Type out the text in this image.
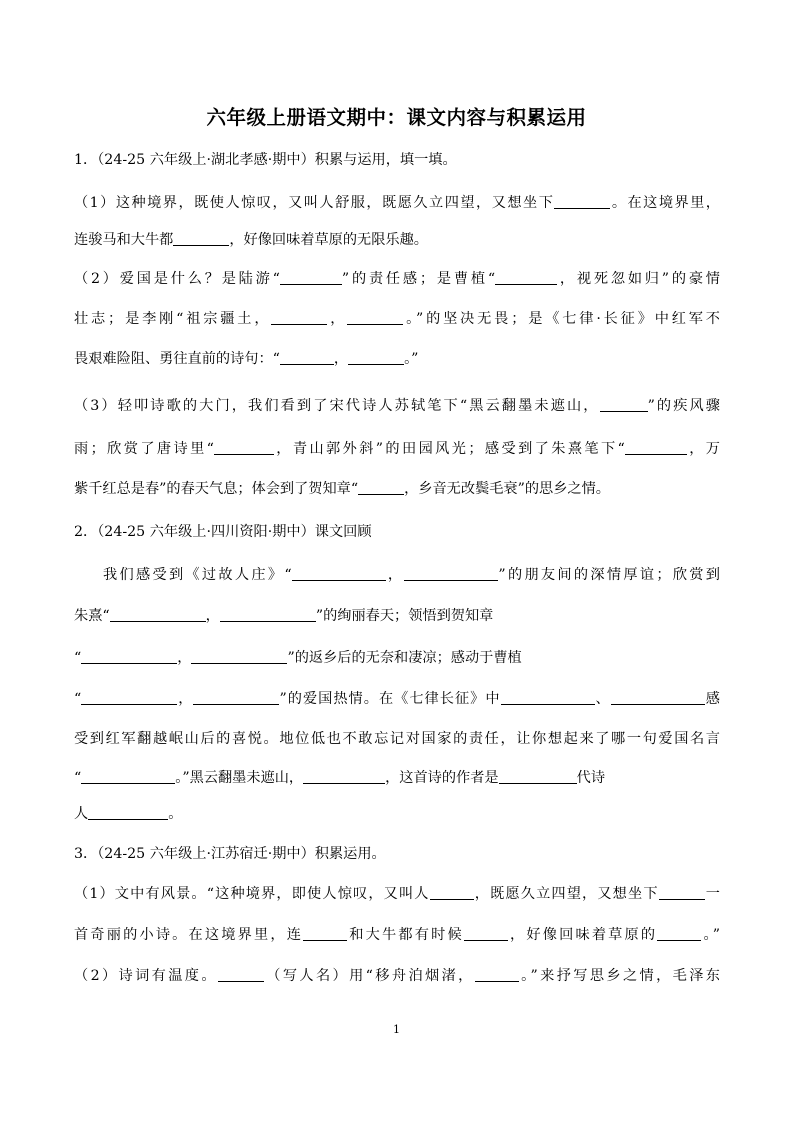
六年级上册语文期中：课文内容与积累运用
1．（24-25 六年级上·湖北孝感·期中）积累与运用，填一填。
（1）这种境界，既使人惊叹，又叫人舒服，既愿久立四望，又想坐下	。在这境界里，
连骏马和大牛都	，好像回味着草原的无限乐趣。
（2）爱国是什么？是陆游“	”的责任感；是曹植“	，视死忽如归”的豪情
壮志；是李刚“祖宗疆土，	，	。”的坚决无畏；是《七律·长征》中红军不
畏艰难险阻、勇往直前的诗句：“	，	。”
（3）轻叩诗歌的大门，我们看到了宋代诗人苏轼笔下“黑云翻墨未遮山，	”的疾风骤
雨；欣赏了唐诗里“	，青山郭外斜”的田园风光；感受到了朱熹笔下“	，万
紫千红总是春”的春天气息；体会到了贺知章“	，乡音无改鬓毛衰”的思乡之情。
2．（24-25 六年级上·四川资阳·期中）课文回顾
我们感受到《过故人庄》“	，	”的朋友间的深情厚谊；欣赏到
朱熹“	，	”的绚丽春天；领悟到贺知章
“	，	”的返乡后的无奈和凄凉；感动于曹植
“	，	”的爱国热情。在《七律长征》中	、	感
受到红军翻越岷山后的喜悦。地位低也不敢忘记对国家的责任，让你想起来了哪一句爱国名言
“	。”黑云翻墨未遮山，	，这首诗的作者是	代诗
人	。
3．（24-25 六年级上·江苏宿迁·期中）积累运用。
（1）文中有风景。“这种境界，即使人惊叹，又叫人	，既愿久立四望，又想坐下	一
首奇丽的小诗。在这境界里，连	和大牛都有时候	，好像回味着草原的	。”
（2）诗词有温度。	（写人名）用“移舟泊烟渚，	。”来抒写思乡之情，毛泽东
1
